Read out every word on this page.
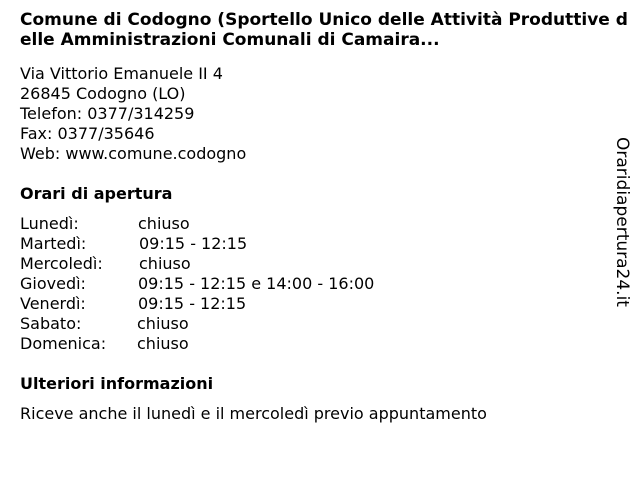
Comune di Codogno (Sportello Unico delle Attività Produttive delle Amministrazioni Comunali di Camaira...
Via Vittorio Emanuele II 4
26845 Codogno (LO)
Telefon: 0377/314259
Fax: 0377/35646
Web: www.comune.codogno
Orari di apertura
Lunedì:	chiuso
Martedì:	09:15 - 12:15
Mercoledì: chiuso
Giovedì:	09:15 - 12:15 e 14:00 - 16:00
Venerdì:	09:15 - 12:15
Sabato:	chiuso
Domenica: chiuso
Ulteriori informazioni
Riceve anche il lunedì e il mercoledì previo appuntamento
Oraridiapertura24.it
